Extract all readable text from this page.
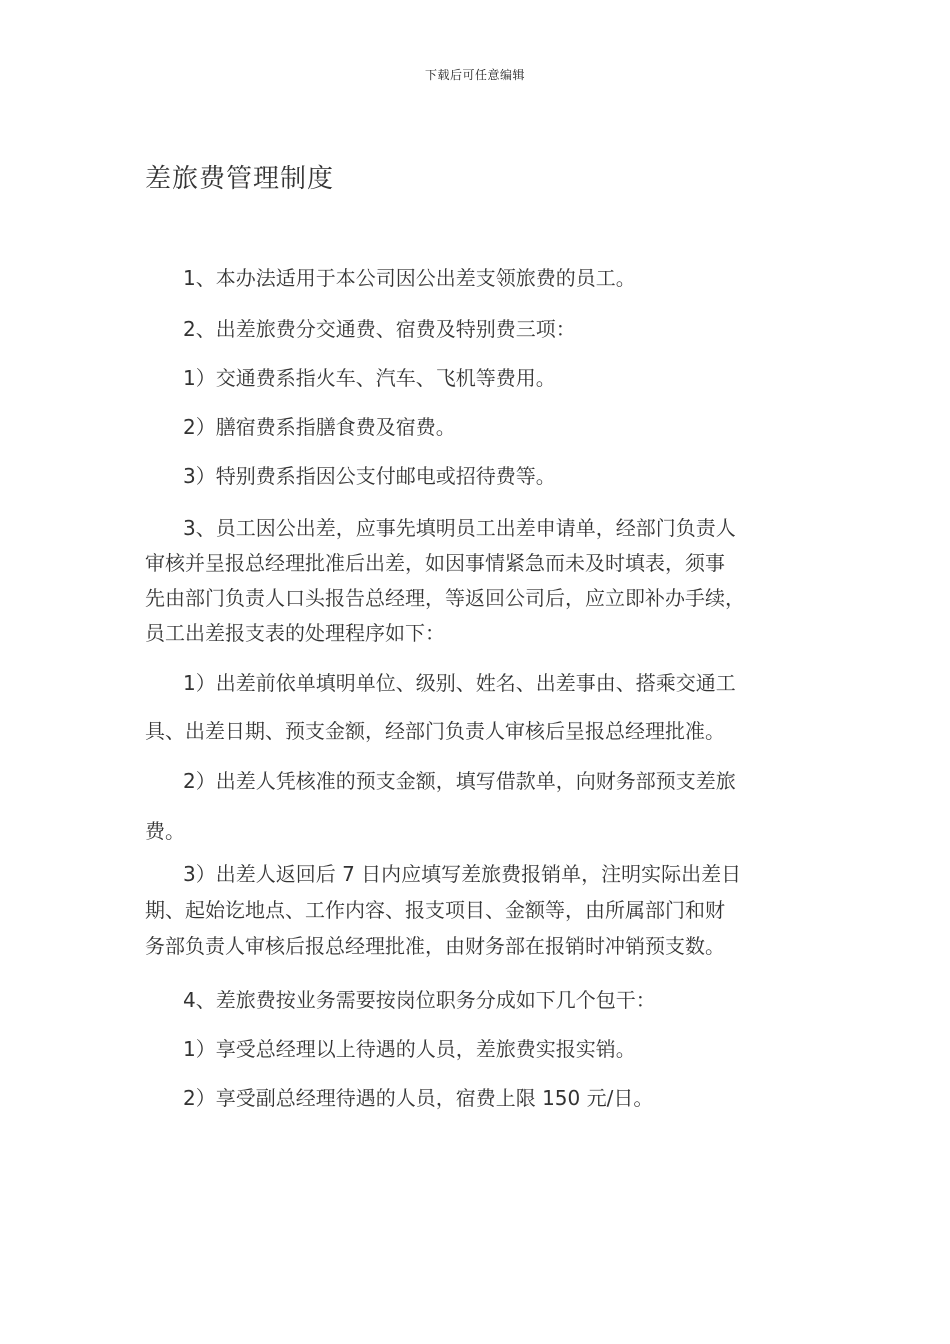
下载后可任意编辑
差旅费管理制度

1、本办法适用于本公司因公出差支领旅费的员工。

2、出差旅费分交通费、宿费及特别费三项：

1）交通费系指火车、汽车、飞机等费用。

2）膳宿费系指膳食费及宿费。

3）特别费系指因公支付邮电或招待费等。

3、员工因公出差，应事先填明员工出差申请单，经部门负责人
审核并呈报总经理批准后出差，如因事情紧急而未及时填表，须事
先由部门负责人口头报告总经理，等返回公司后，应立即补办手续，
员工出差报支表的处理程序如下：
1）出差前依单填明单位、级别、姓名、出差事由、搭乘交通工
具、出差日期、预支金额，经部门负责人审核后呈报总经理批准。
2）出差人凭核准的预支金额，填写借款单，向财务部预支差旅
费。
3）出差人返回后 7 日内应填写差旅费报销单，注明实际出差日
期、起始讫地点、工作内容、报支项目、金额等，由所属部门和财
务部负责人审核后报总经理批准，由财务部在报销时冲销预支数。

4、差旅费按业务需要按岗位职务分成如下几个包干：

1）享受总经理以上待遇的人员，差旅费实报实销。

2）享受副总经理待遇的人员，宿费上限 150 元/日。
